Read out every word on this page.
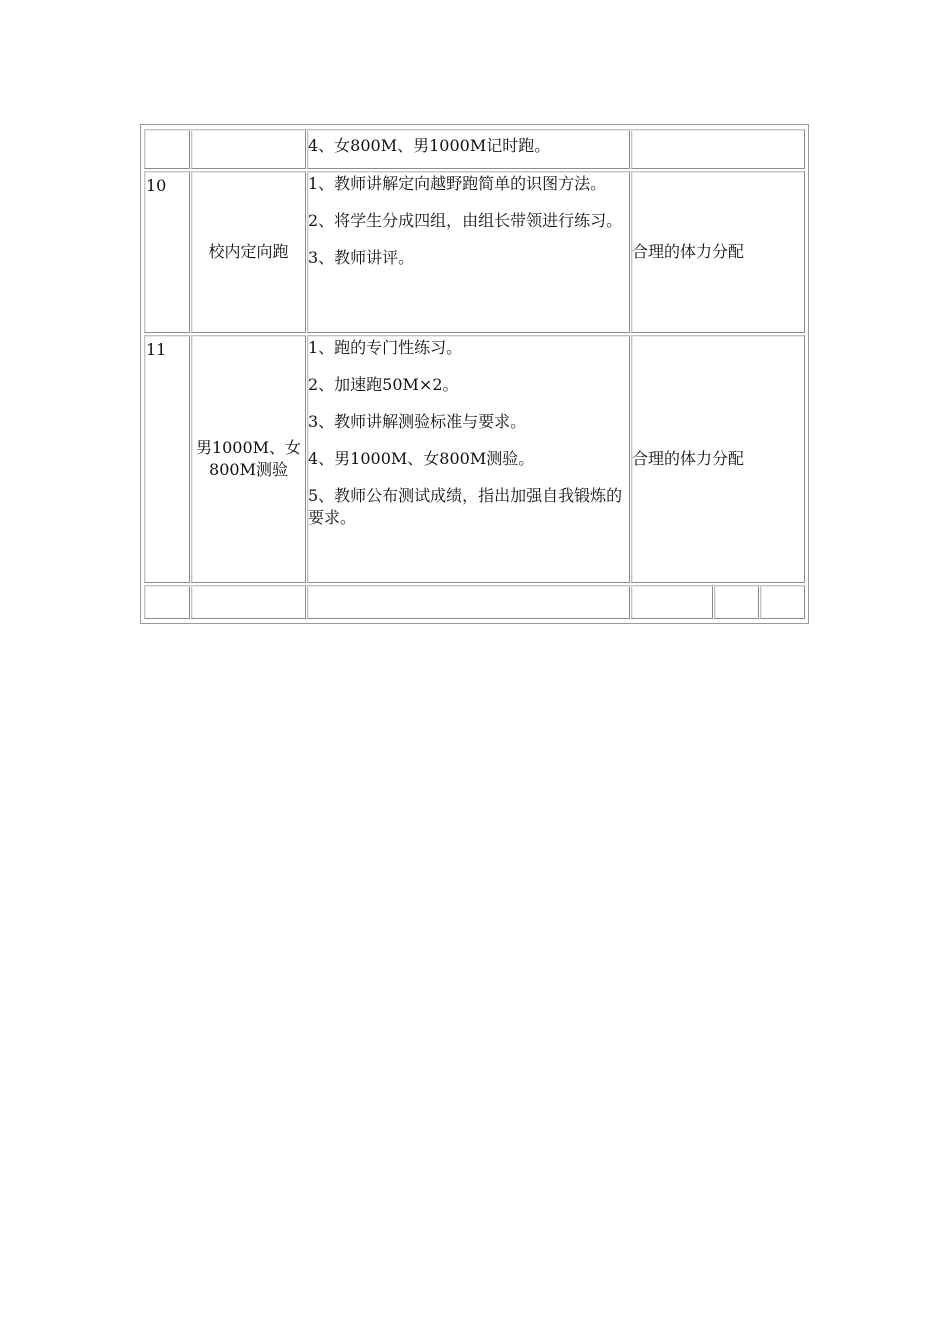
4、女800M、男1000M记时跑。

10
校内定向跑

1、教师讲解定向越野跑简单的识图方法。

2、将学生分成四组，由组长带领进行练习。

3、教师讲评。	合理的体力分配
11
男1000M、女800M测验

1、跑的专门性练习。

2、加速跑50M×2。

3、教师讲解测验标准与要求。

4、男1000M、女800M测验。

5、教师公布测试成绩，指出加强自我锻炼的要求。

合理的体力分配
